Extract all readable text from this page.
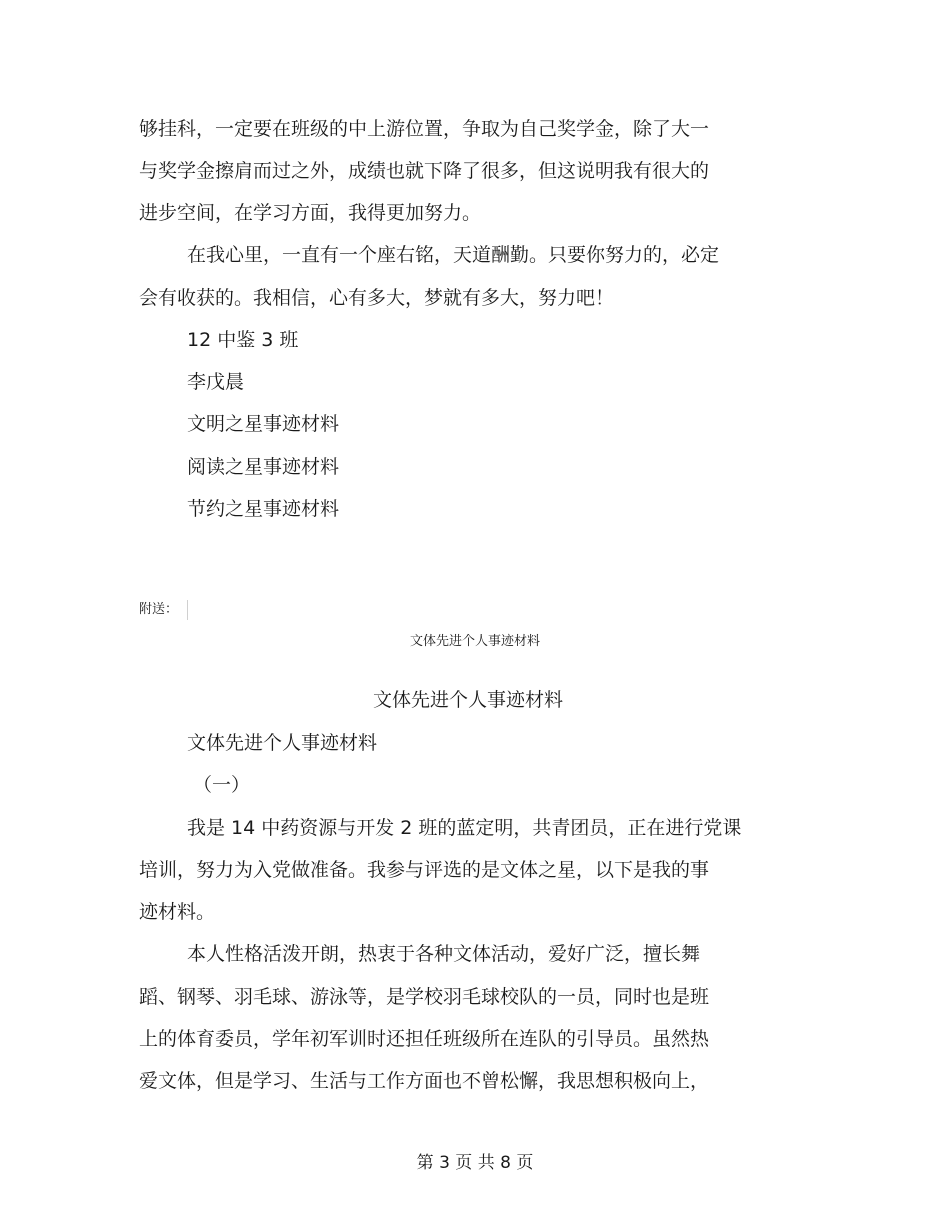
够挂科，一定要在班级的中上游位置，争取为自己奖学金，除了大一
与奖学金擦肩而过之外，成绩也就下降了很多，但这说明我有很大的
进步空间，在学习方面，我得更加努力。
在我心里，一直有一个座右铭，天道酬勤。只要你努力的，必定
会有收获的。我相信，心有多大，梦就有多大，努力吧！
12 中鉴 3 班
李戊晨
文明之星事迹材料
阅读之星事迹材料
节约之星事迹材料
附送：
文体先进个人事迹材料
文体先进个人事迹材料
文体先进个人事迹材料
（一）
我是 14 中药资源与开发 2 班的蓝定明，共青团员，正在进行党课
培训，努力为入党做准备。我参与评选的是文体之星，以下是我的事
迹材料。
本人性格活泼开朗，热衷于各种文体活动，爱好广泛，擅长舞
蹈、钢琴、羽毛球、游泳等，是学校羽毛球校队的一员，同时也是班
上的体育委员，学年初军训时还担任班级所在连队的引导员。虽然热
爱文体，但是学习、生活与工作方面也不曾松懈，我思想积极向上，
第 3 页 共 8 页
